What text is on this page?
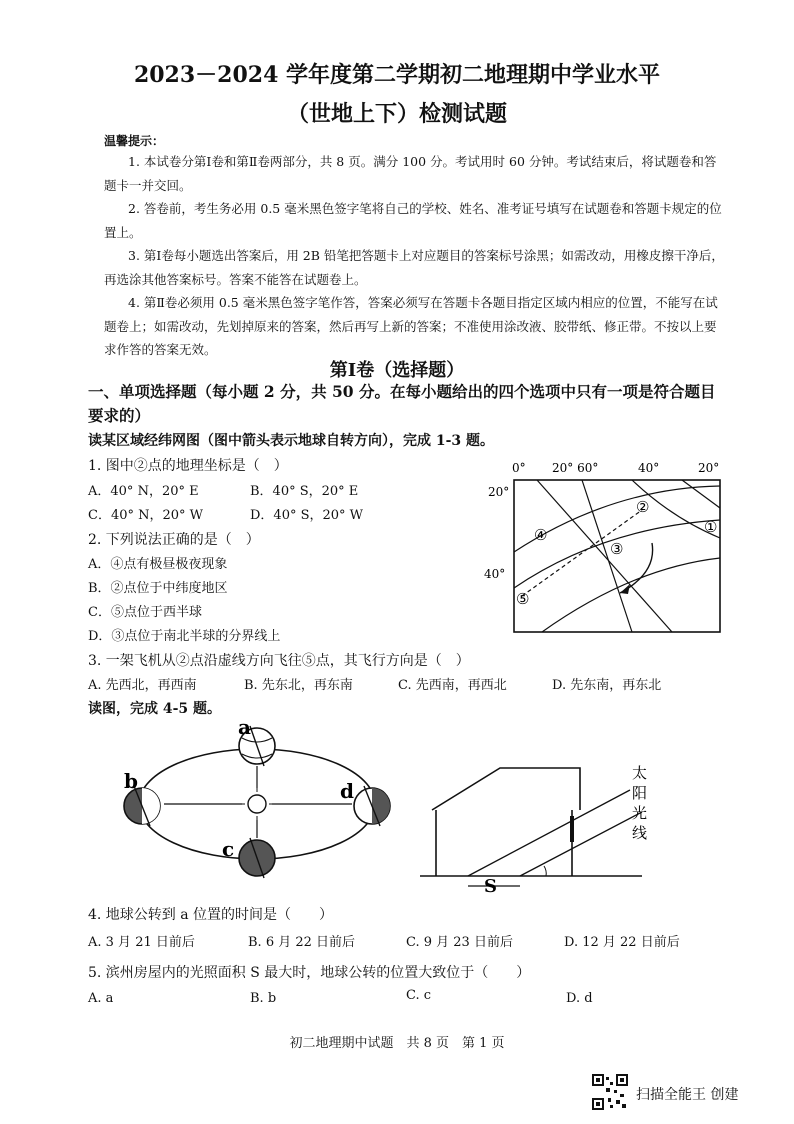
2023－2024 学年度第二学期初二地理期中学业水平
（世地上下）检测试题
温馨提示：

1. 本试卷分第Ⅰ卷和第Ⅱ卷两部分，共 8 页。满分 100 分。考试用时 60 分钟。考试结束后，将试题卷和答题卡一并交回。

2. 答卷前，考生务必用 0.5 毫米黑色签字笔将自己的学校、姓名、准考证号填写在试题卷和答题卡规定的位置上。

3. 第Ⅰ卷每小题选出答案后，用 2B 铅笔把答题卡上对应题目的答案标号涂黑；如需改动，用橡皮擦干净后，再选涂其他答案标号。答案不能答在试题卷上。

4. 第Ⅱ卷必须用 0.5 毫米黑色签字笔作答，答案必须写在答题卡各题目指定区域内相应的位置，不能写在试题卷上；如需改动，先划掉原来的答案，然后再写上新的答案；不准使用涂改液、胶带纸、修正带。不按以上要求作答的答案无效。

第Ⅰ卷（选择题）
一、单项选择题（每小题 2 分，共 50 分。在每小题给出的四个选项中只有一项是符合题目要求的）
读某区域经纬网图（图中箭头表示地球自转方向），完成 1-3 题。
1. 图中②点的地理坐标是（　）
A．40° N，20° E	B．40° S，20° E
C．40° N，20° W	D．40° S，20° W
2. 下列说法正确的是（　）
A．④点有极昼极夜现象
B．②点位于中纬度地区
C．⑤点位于西半球
D．③点位于南北半球的分界线上
0° 20° 60°	40°	20°
20°
40°
①
②
③
④
⑤
3. 一架飞机从②点沿虚线方向飞往⑤点，其飞行方向是（　）
A. 先西北，再西南	B. 先东北，再东南	C. 先西南，再西北	D. 先东南，再东北
读图，完成 4-5 题。
a
b
c
d
S
太
阳
光
线
4. 地球公转到 a 位置的时间是（　　）
A. 3 月 21 日前后	B. 6 月 22 日前后	C. 9 月 23 日前后	D. 12 月 22 日前后
5. 滨州房屋内的光照面积 S 最大时，地球公转的位置大致位于（　　）
A. a	B. b	C. c	D. d
初二地理期中试题　共 8 页　第 1 页
扫描全能王 创建
